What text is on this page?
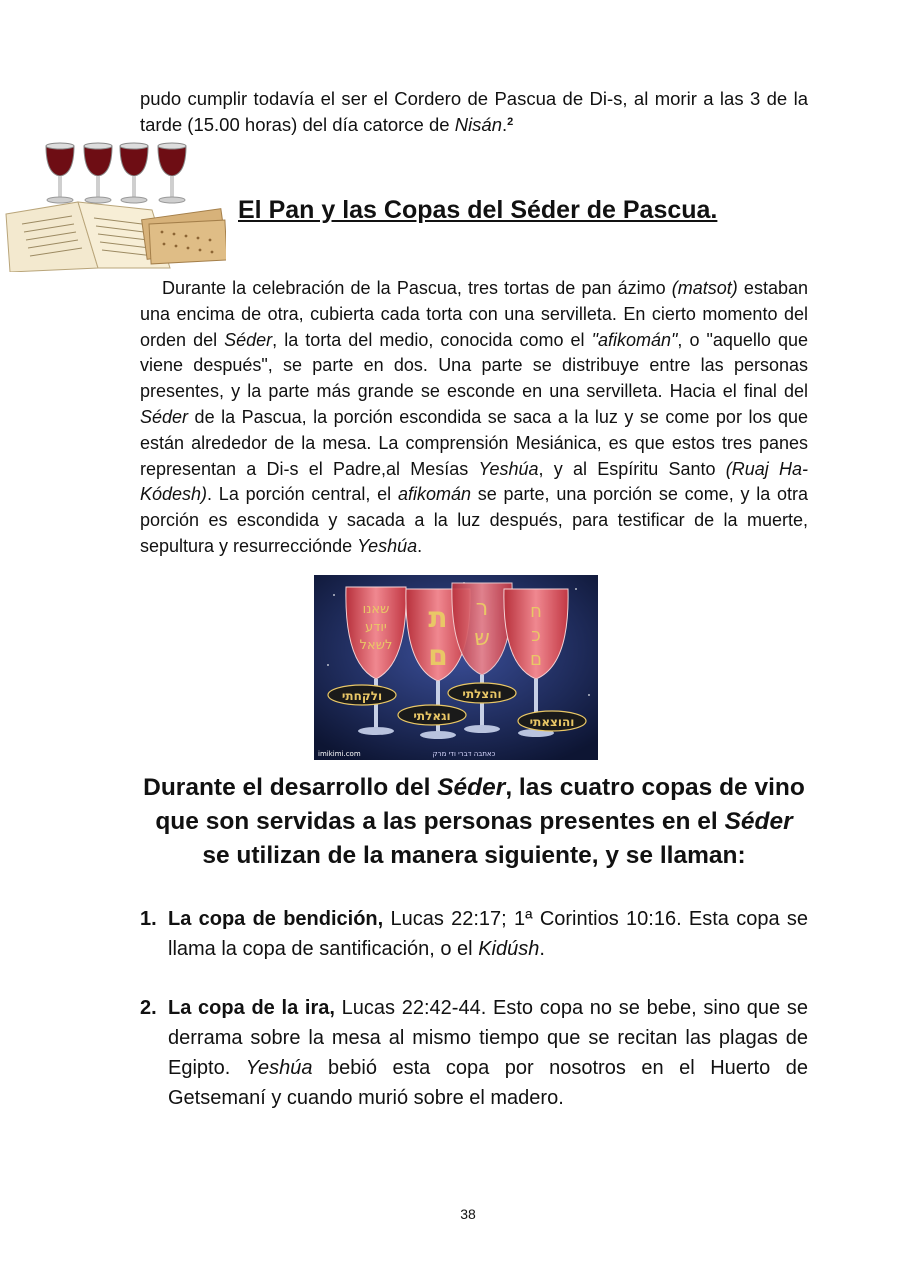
pudo cumplir todavía el ser el Cordero de Pascua de Di-s, al morir a las 3 de la tarde (15.00 horas) del día catorce de Nisán.$^2$

El Pan y las Copas del Séder de Pascua.

Durante la celebración de la Pascua, tres tortas de pan ázimo (matsot) estaban una encima de otra, cubierta cada torta con una servilleta. En cierto momento del orden del Séder, la torta del medio, conocida como el "afikomán", o "aquello que viene después", se parte en dos. Una parte se distribuye entre las personas presentes, y la parte más grande se esconde en una servilleta. Hacia el final del Séder de la Pascua, la porción escondida se saca a la luz y se come por los que están alrededor de la mesa. La comprensión Mesiánica, es que estos tres panes representan a Di-s el Padre,al Mesías Yeshúa, y al Espíritu Santo (Ruaj Ha-Kódesh). La porción central, el afikomán se parte, una porción se come, y la otra porción es escondida y sacada a la luz después, para testificar de la muerte, sepultura y resurrecciónde Yeshúa.

שאנו
יודע
לשאל
ת
ם
ר
ש
ח
כ
ם
ולקחתי	והצלתי
וגאלתי	והוצאתי
imikimi.com	כאתבה דברי ודי מרק
Durante el desarrollo del Séder, las cuatro copas de vino que son servidas a las personas presentes en el Séder se utilizan de la manera siguiente, y se llaman:
1. La copa de bendición, Lucas 22:17; 1ª Corintios 10:16. Esta copa se llama la copa de santificación, o el Kidúsh.
2. La copa de la ira, Lucas 22:42-44. Esto copa no se bebe, sino que se derrama sobre la mesa al mismo tiempo que se recitan las plagas de Egipto. Yeshúa bebió esta copa por nosotros en el Huerto de Getsemaní y cuando murió sobre el madero.
38
